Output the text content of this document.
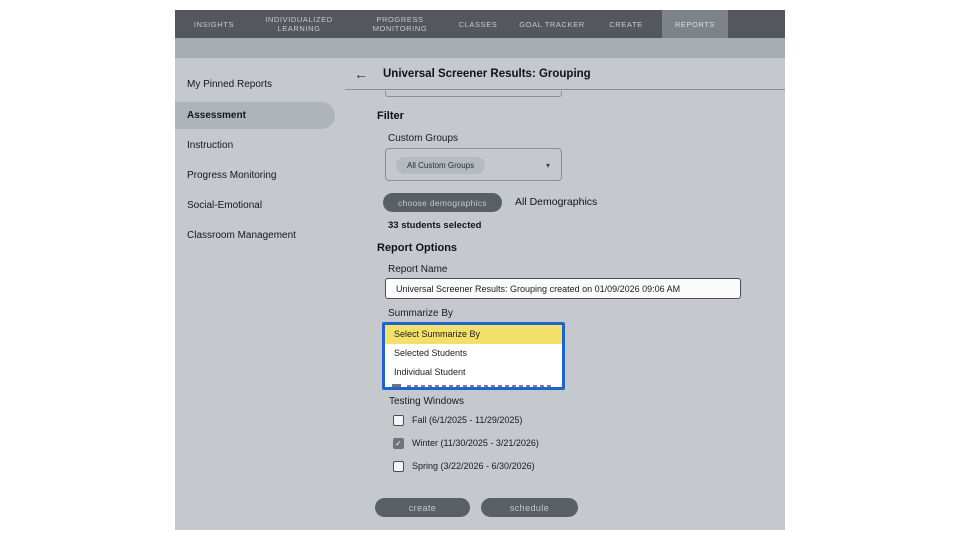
INSIGHTS	INDIVIDUALIZED LEARNING
PROGRESS MONITORING	CLASSES	GOAL TRACKER	CREATE	REPORTS
My Pinned Reports
Assessment
Instruction
Progress Monitoring
Social-Emotional
Classroom Management
← Universal Screener Results: Grouping
Filter
Custom Groups
All Custom Groups	▾
choose demographics	All Demographics
33 students selected
Report Options
Report Name
Universal Screener Results: Grouping created on 01/09/2026 09:06 AM
Summarize By
Select Summarize By
Selected Students
Individual Student
Testing Windows
Fall (6/1/2025 - 11/29/2025)
✓ Winter (11/30/2025 - 3/21/2026)
Spring (3/22/2026 - 6/30/2026)
create	schedule
